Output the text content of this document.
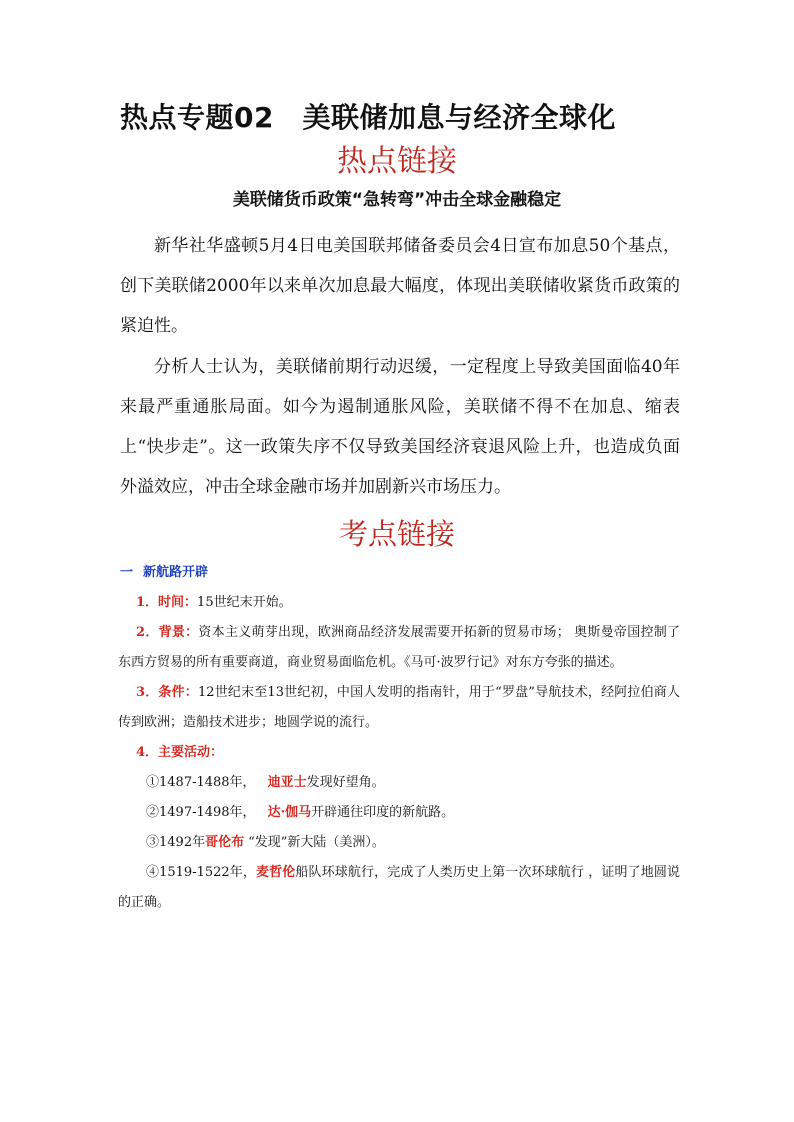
热点专题02　美联储加息与经济全球化
热点链接

美联储货币政策“急转弯”冲击全球金融稳定

新华社华盛顿5月4日电美国联邦储备委员会4日宣布加息50个基点，创下美联储2000年以来单次加息最大幅度，体现出美联储收紧货币政策的紧迫性。

分析人士认为，美联储前期行动迟缓，一定程度上导致美国面临40年来最严重通胀局面。如今为遏制通胀风险，美联储不得不在加息、缩表上“快步走”。这一政策失序不仅导致美国经济衰退风险上升，也造成负面外溢效应，冲击全球金融市场并加剧新兴市场压力。

考点链接

一 新航路开辟

1．时间：15世纪末开始。

2．背景：资本主义萌芽出现，欧洲商品经济发展需要开拓新的贸易市场； 奥斯曼帝国控制了东西方贸易的所有重要商道，商业贸易面临危机。《马可·波罗行记》对东方夸张的描述。

3．条件：12世纪末至13世纪初，中国人发明的指南针，用于“罗盘”导航技术，经阿拉伯商人传到欧洲；造船技术进步；地圆学说的流行。

4．主要活动：

①1487-1488年， 迪亚士发现好望角。

②1497-1498年， 达·伽马开辟通往印度的新航路。

③1492年哥伦布 “发现”新大陆（美洲）。

④1519-1522年，麦哲伦船队环球航行，完成了人类历史上第一次环球航行 ，证明了地圆说的正确。
